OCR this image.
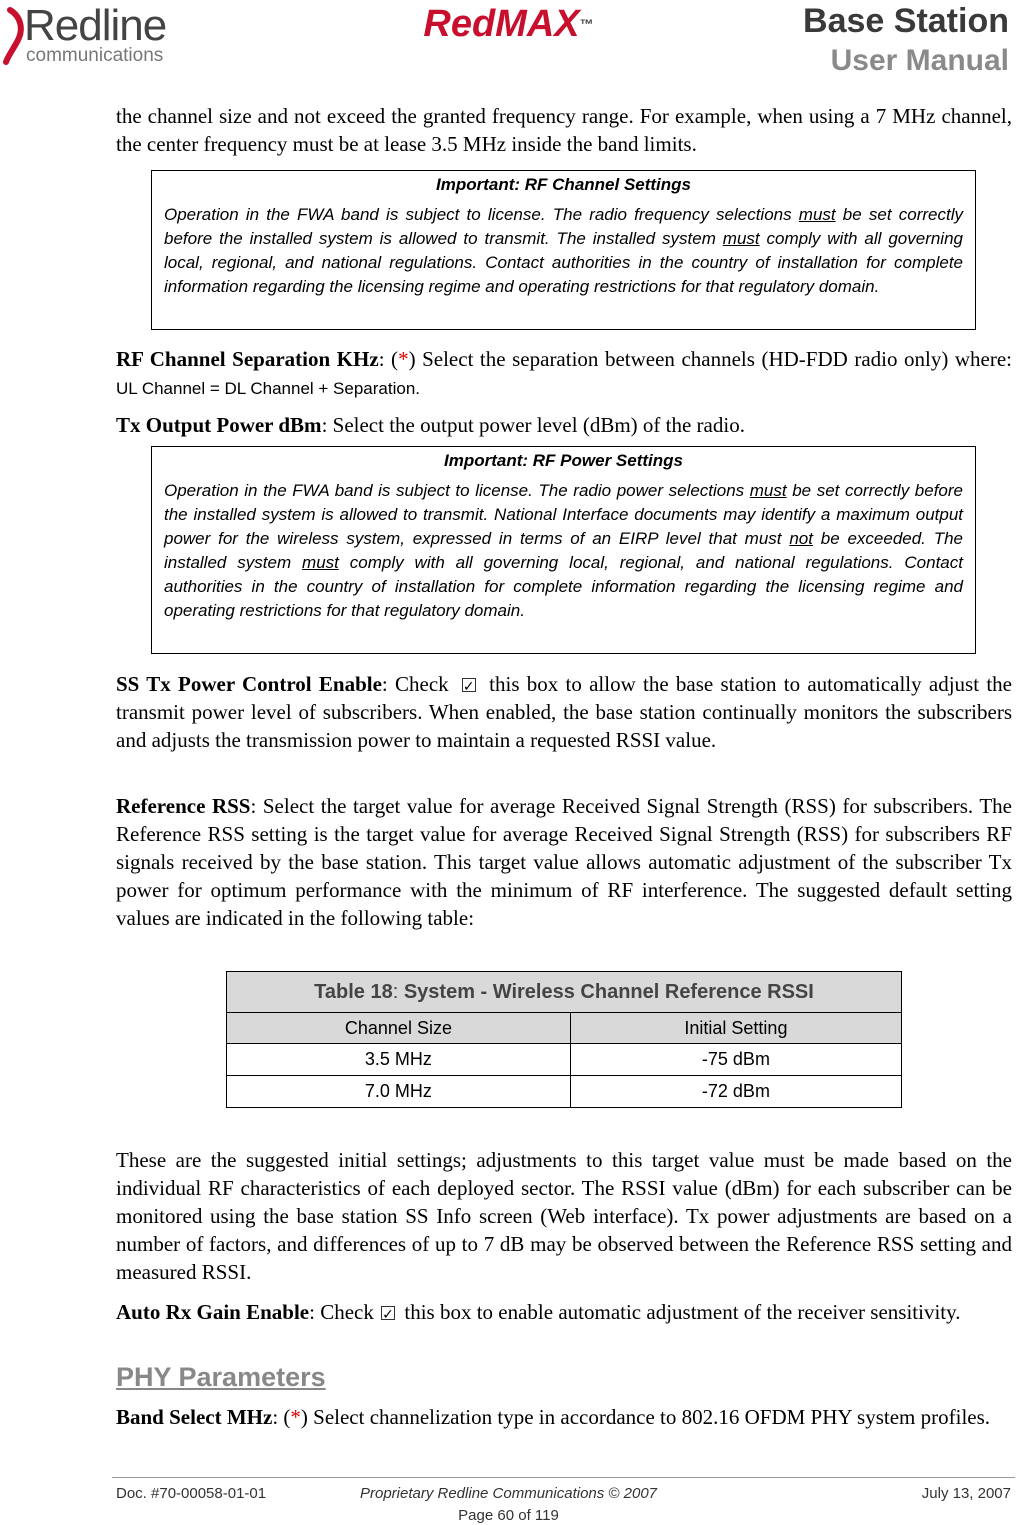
Redline
communications
RedMAX™	Base Station
User Manual
the channel size and not exceed the granted frequency range. For example, when using a 7 MHz channel, the center frequency must be at lease 3.5 MHz inside the band limits.
Important: RF Channel Settings
Operation in the FWA band is subject to license. The radio frequency selections must be set correctly before the installed system is allowed to transmit. The installed system must comply with all governing local, regional, and national regulations. Contact authorities in the country of installation for complete information regarding the licensing regime and operating restrictions for that regulatory domain.
RF Channel Separation KHz: (*) Select the separation between channels (HD-FDD radio only) where: UL Channel = DL Channel + Separation.
Tx Output Power dBm: Select the output power level (dBm) of the radio.
Important: RF Power Settings
Operation in the FWA band is subject to license. The radio power selections must be set correctly before the installed system is allowed to transmit. National Interface documents may identify a maximum output power for the wireless system, expressed in terms of an EIRP level that must not be exceeded. The installed system must comply with all governing local, regional, and national regulations. Contact authorities in the country of installation for complete information regarding the licensing regime and operating restrictions for that regulatory domain.
SS Tx Power Control Enable: Check ✓ this box to allow the base station to automatically adjust the transmit power level of subscribers. When enabled, the base station continually monitors the subscribers and adjusts the transmission power to maintain a requested RSSI value.
Reference RSS: Select the target value for average Received Signal Strength (RSS) for subscribers. The Reference RSS setting is the target value for average Received Signal Strength (RSS) for subscribers RF signals received by the base station. This target value allows automatic adjustment of the subscriber Tx power for optimum performance with the minimum of RF interference. The suggested default setting values are indicated in the following table:
Table 18: System - Wireless Channel Reference RSSI	
Channel Size	Initial Setting
3.5 MHz	-75 dBm
7.0 MHz	-72 dBm
These are the suggested initial settings; adjustments to this target value must be made based on the individual RF characteristics of each deployed sector. The RSSI value (dBm) for each subscriber can be monitored using the base station SS Info screen (Web interface). Tx power adjustments are based on a number of factors, and differences of up to 7 dB may be observed between the Reference RSS setting and measured RSSI.
Auto Rx Gain Enable: Check ✓ this box to enable automatic adjustment of the receiver sensitivity.
PHY Parameters
Band Select MHz: (*) Select channelization type in accordance to 802.16 OFDM PHY system profiles.
Doc. #70-00058-01-01	Proprietary Redline Communications © 2007	July 13, 2007
Page 60 of 119
